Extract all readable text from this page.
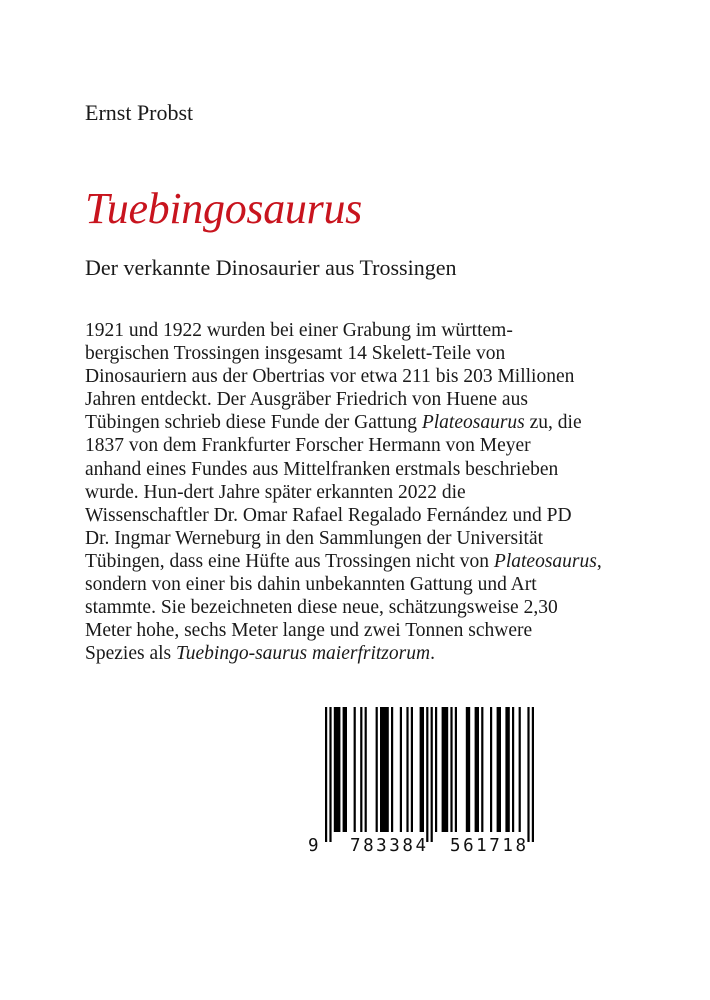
Ernst Probst
Tuebingosaurus
Der verkannte Dinosaurier aus Trossingen

1921 und 1922 wurden bei einer Grabung im württem-
bergischen Trossingen insgesamt 14 Skelett-Teile von
Dinosauriern aus der Obertrias vor etwa 211 bis 203 Millionen
Jahren entdeckt. Der Ausgräber Friedrich von Huene aus
Tübingen schrieb diese Funde der Gattung Plateosaurus zu, die
1837 von dem Frankfurter Forscher Hermann von Meyer
anhand eines Fundes aus Mittelfranken erstmals beschrieben
wurde. Hun-dert Jahre später erkannten 2022 die
Wissenschaftler Dr. Omar Rafael Regalado Fernández und PD
Dr. Ingmar Werneburg in den Sammlungen der Universität
Tübingen, dass eine Hüfte aus Trossingen nicht von Plateosaurus,
sondern von einer bis dahin unbekannten Gattung und Art
stammte. Sie bezeichneten diese neue, schätzungsweise 2,30
Meter hohe, sechs Meter lange und zwei Tonnen schwere
Spezies als Tuebingo-saurus maierfritzorum.

9 783384 561718
